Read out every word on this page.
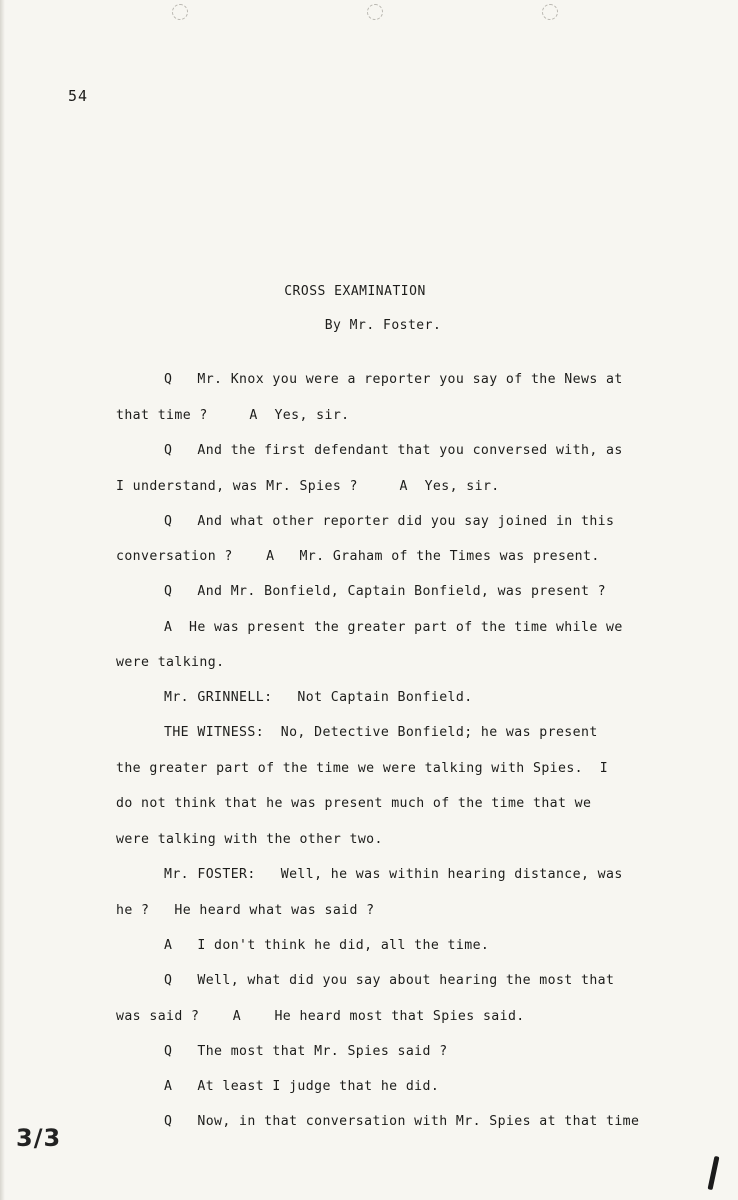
54
CROSS EXAMINATION
By Mr. Foster.
Q   Mr. Knox you were a reporter you say of the News at
that time ?     A  Yes, sir.
Q   And the first defendant that you conversed with, as
I understand, was Mr. Spies ?     A  Yes, sir.
Q   And what other reporter did you say joined in this
conversation ?    A   Mr. Graham of the Times was present.
Q   And Mr. Bonfield, Captain Bonfield, was present ?
A  He was present the greater part of the time while we
were talking.
Mr. GRINNELL:   Not Captain Bonfield.
THE WITNESS:  No, Detective Bonfield; he was present
the greater part of the time we were talking with Spies.  I
do not think that he was present much of the time that we
were talking with the other two.
Mr. FOSTER:   Well, he was within hearing distance, was
he ?   He heard what was said ?
A   I don't think he did, all the time.
Q   Well, what did you say about hearing the most that
was said ?    A    He heard most that Spies said.
Q   The most that Mr. Spies said ?
A   At least I judge that he did.
Q   Now, in that conversation with Mr. Spies at that time
3/3
